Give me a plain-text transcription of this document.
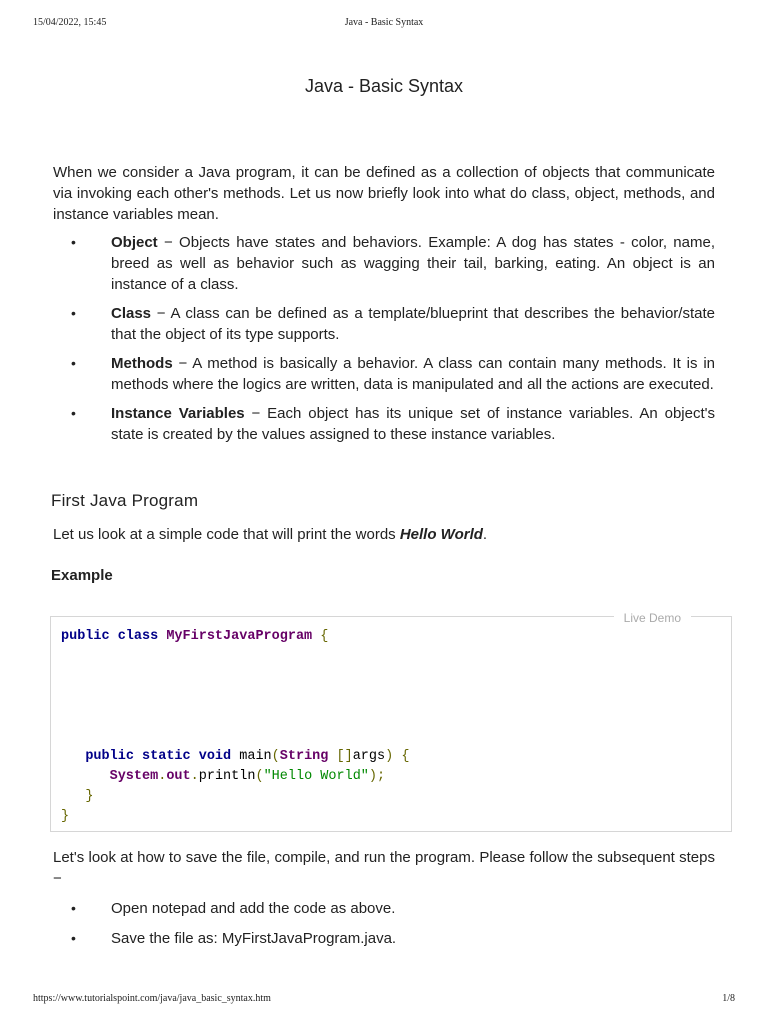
15/04/2022, 15:45	Java - Basic Syntax
Java - Basic Syntax

When we consider a Java program, it can be defined as a collection of objects that communicate via invoking each other's methods. Let us now briefly look into what do class, object, methods, and instance variables mean.

• Object − Objects have states and behaviors. Example: A dog has states - color, name, breed as well as behavior such as wagging their tail, barking, eating. An object is an instance of a class.
• Class − A class can be defined as a template/blueprint that describes the behavior/state that the object of its type supports.
• Methods − A method is basically a behavior. A class can contain many methods. It is in methods where the logics are written, data is manipulated and all the actions are executed.
• Instance Variables − Each object has its unique set of instance variables. An object's state is created by the values assigned to these instance variables.
First Java Program

Let us look at a simple code that will print the words Hello World.

Example
Live Demo
public class MyFirstJavaProgram {

public static void main(String []args) {
System.out.println("Hello World");
}
}

Let's look at how to save the file, compile, and run the program. Please follow the subsequent steps −

• Open notepad and add the code as above.
• Save the file as: MyFirstJavaProgram.java.
https://www.tutorialspoint.com/java/java_basic_syntax.htm	1/8
